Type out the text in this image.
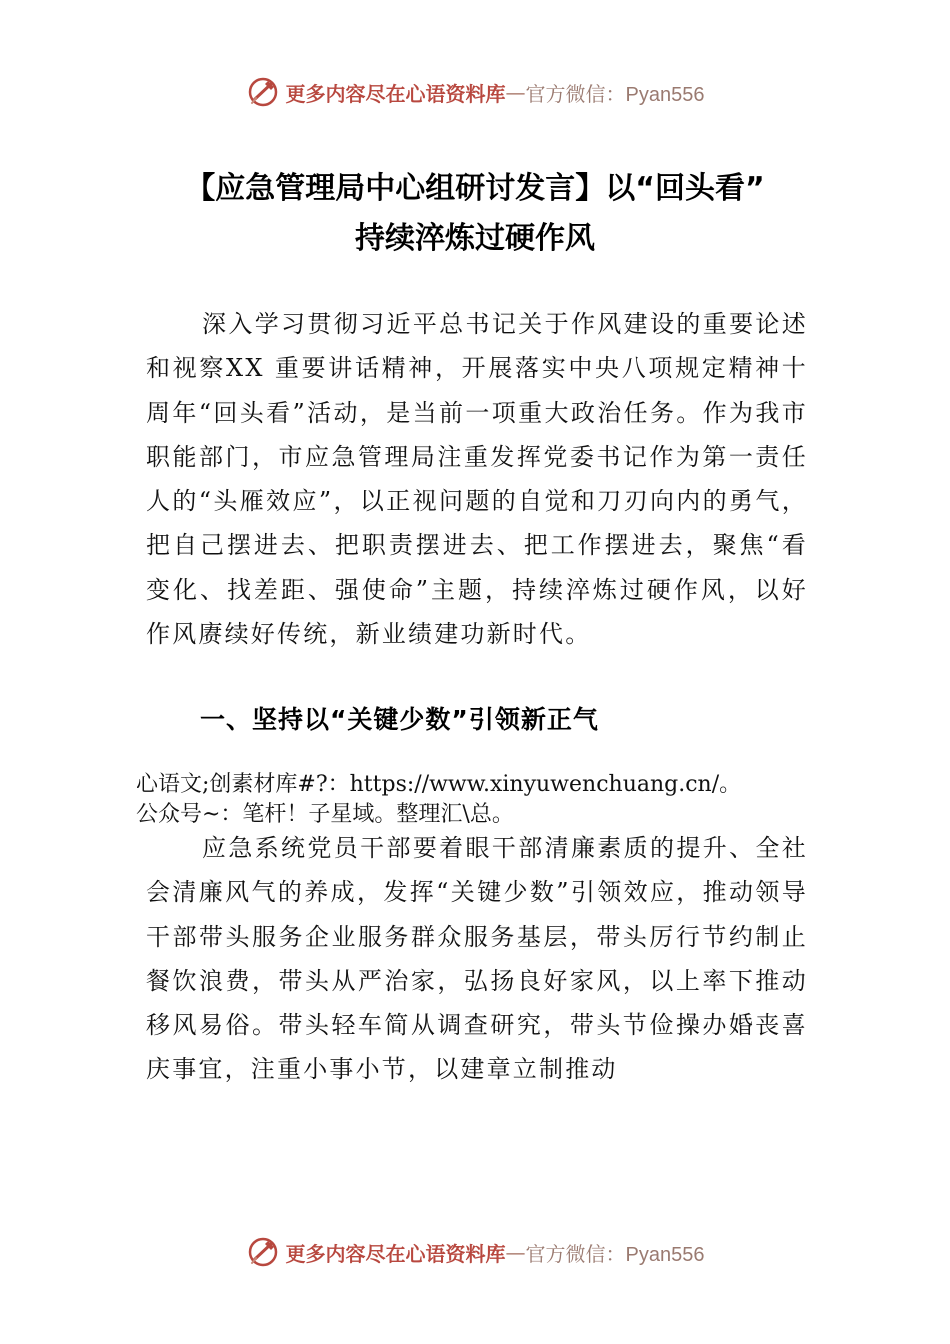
更多内容尽在心语资料库 — 官方微信：Pyan556
【应急管理局中心组研讨发言】以“回头看”
持续淬炼过硬作风

深入学习贯彻习近平总书记关于作风建设的重要论述和视察XX 重要讲话精神，开展落实中央八项规定精神十周年“回头看”活动，是当前一项重大政治任务。作为我市职能部门，市应急管理局注重发挥党委书记作为第一责任人的“头雁效应”，以正视问题的自觉和刀刃向内的勇气，把自己摆进去、把职责摆进去、把工作摆进去，聚焦“看变化、找差距、强使命”主题，持续淬炼过硬作风，以好作风赓续好传统，新业绩建功新时代。

一、坚持以“关键少数”引领新正气

心语文;创素材库#?：https://www.xinyuwenchuang.cn/。

公众号~：笔杆！子星域。整理汇\总。

应急系统党员干部要着眼干部清廉素质的提升、全社会清廉风气的养成，发挥“关键少数”引领效应，推动领导干部带头服务企业服务群众服务基层，带头厉行节约制止餐饮浪费，带头从严治家，弘扬良好家风，以上率下推动移风易俗。带头轻车简从调查研究，带头节俭操办婚丧喜庆事宜，注重小事小节，以建章立制推动

更多内容尽在心语资料库 — 官方微信：Pyan556
